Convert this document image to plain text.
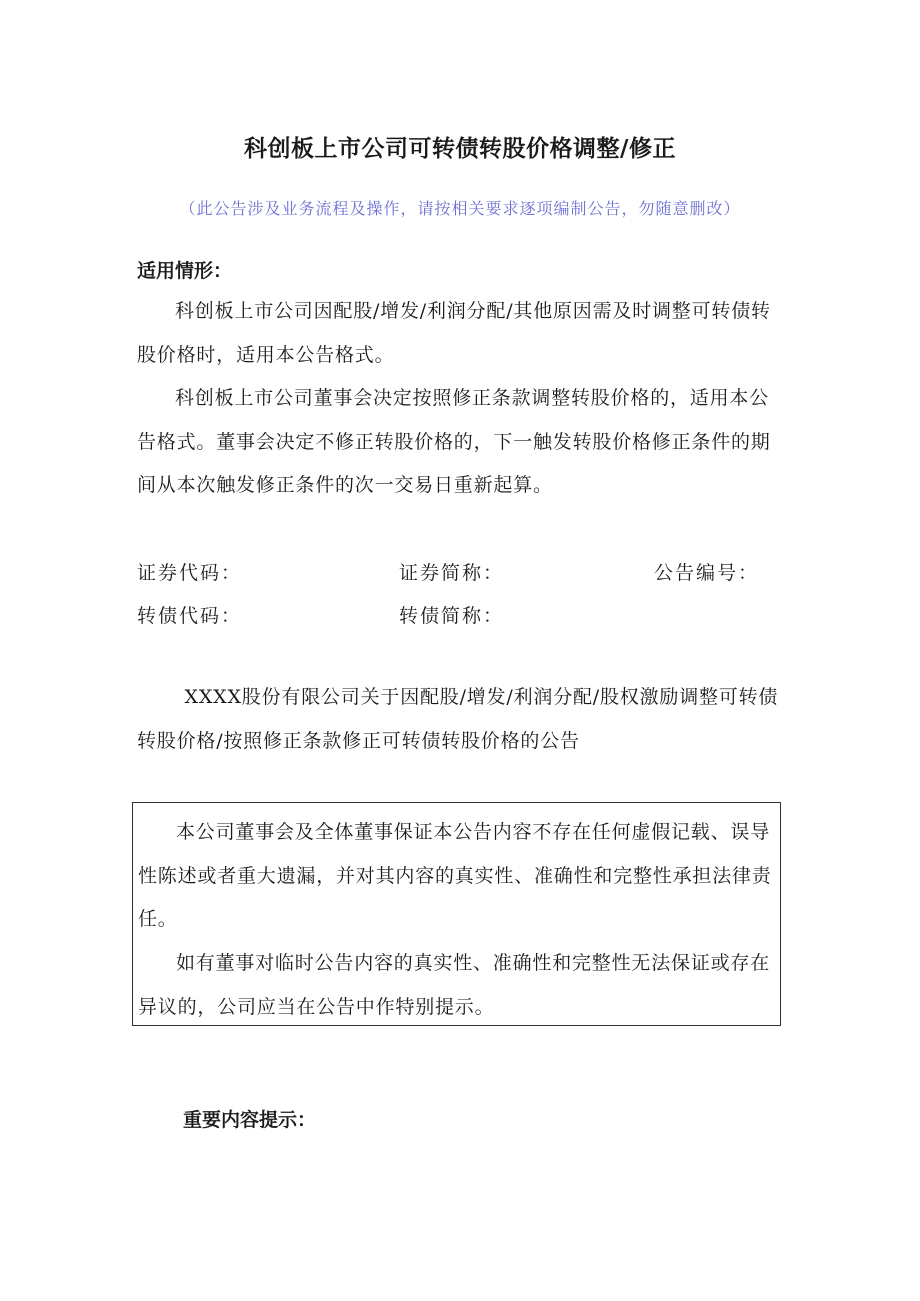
科创板上市公司可转债转股价格调整/修正
（此公告涉及业务流程及操作，请按相关要求逐项编制公告，勿随意删改）
适用情形：

科创板上市公司因配股/增发/利润分配/其他原因需及时调整可转债转股价格时，适用本公告格式。

科创板上市公司董事会决定按照修正条款调整转股价格的，适用本公告格式。董事会决定不修正转股价格的，下一触发转股价格修正条件的期间从本次触发修正条件的次一交易日重新起算。

证券代码：	证券简称：	公告编号：
转债代码：	转债简称：

XXXX股份有限公司关于因配股/增发/利润分配/股权激励调整可转债转股价格/按照修正条款修正可转债转股价格的公告

本公司董事会及全体董事保证本公告内容不存在任何虚假记载、误导性陈述或者重大遗漏，并对其内容的真实性、准确性和完整性承担法律责任。

如有董事对临时公告内容的真实性、准确性和完整性无法保证或存在异议的，公司应当在公告中作特别提示。

重要内容提示：
